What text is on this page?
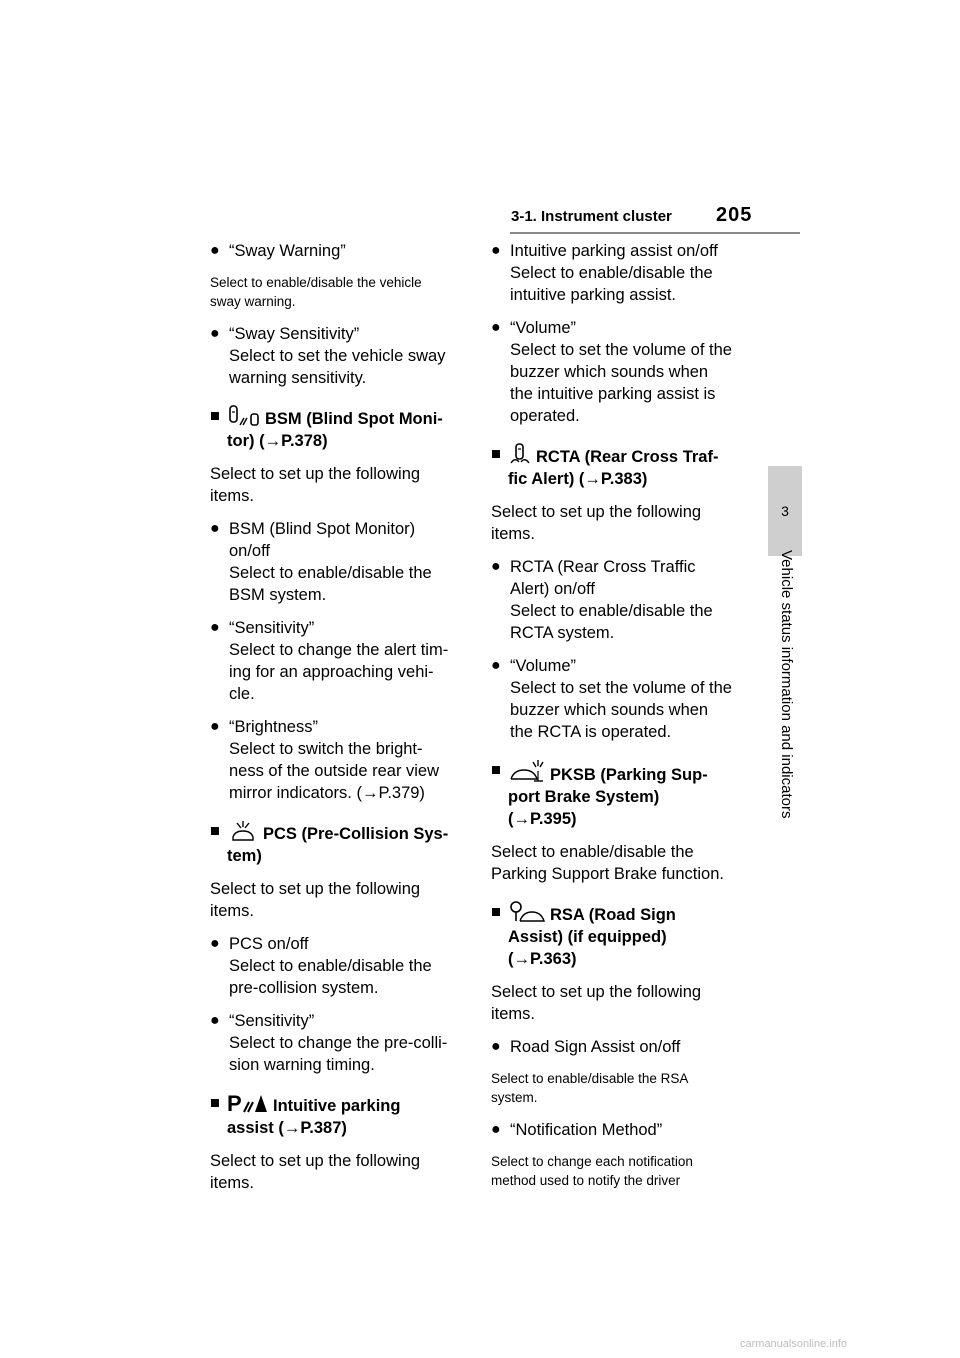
3-1. Instrument cluster 205
3
Vehicle status information and indicators
● “Sway Warning”
Select to enable/disable the vehicle
sway warning.
● “Sway Sensitivity”
Select to set the vehicle sway
warning sensitivity.
■	BSM (Blind Spot Moni-
tor) (→P.378)
Select to set up the following
items.
● BSM (Blind Spot Monitor)
on/off
Select to enable/disable the
BSM system.
● “Sensitivity”
Select to change the alert tim-
ing for an approaching vehi-
cle.
● “Brightness”
Select to switch the bright-
ness of the outside rear view
mirror indicators. (→P.379)
■	PCS (Pre-Collision Sys-
tem)
Select to set up the following
items.
● PCS on/off
Select to enable/disable the
pre-collision system.
● “Sensitivity”
Select to change the pre-colli-
sion warning timing.
■ P Intuitive parking
assist (→P.387)
Select to set up the following
items.
● Intuitive parking assist on/off
Select to enable/disable the
intuitive parking assist.
● “Volume”
Select to set the volume of the
buzzer which sounds when
the intuitive parking assist is
operated.
■	RCTA (Rear Cross Traf-
fic Alert) (→P.383)
Select to set up the following
items.
● RCTA (Rear Cross Traffic
Alert) on/off
Select to enable/disable the
RCTA system.
● “Volume”
Select to set the volume of the
buzzer which sounds when
the RCTA is operated.
■	PKSB (Parking Sup-
port Brake System)
(→P.395)
Select to enable/disable the
Parking Support Brake function.
■	RSA (Road Sign
Assist) (if equipped)
(→P.363)
Select to set up the following
items.
● Road Sign Assist on/off
Select to enable/disable the RSA
system.
● “Notification Method”
Select to change each notification
method used to notify the driver
carmanualsonline.info
